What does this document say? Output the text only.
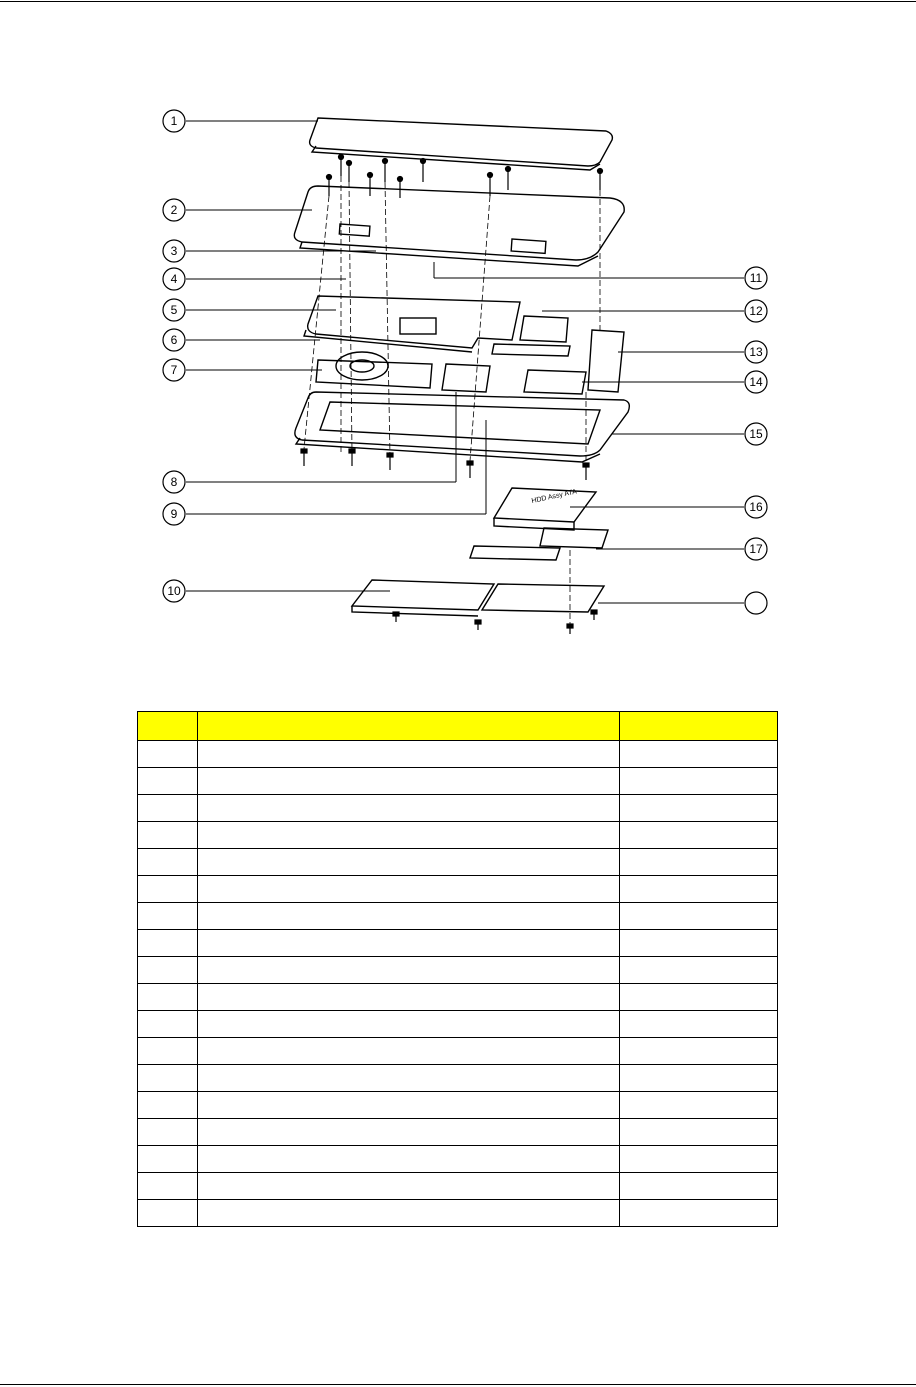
HDD Assy ATA
1
2
3
4
5
6
7
8
9
10
11
12
13
14
15
16
17
